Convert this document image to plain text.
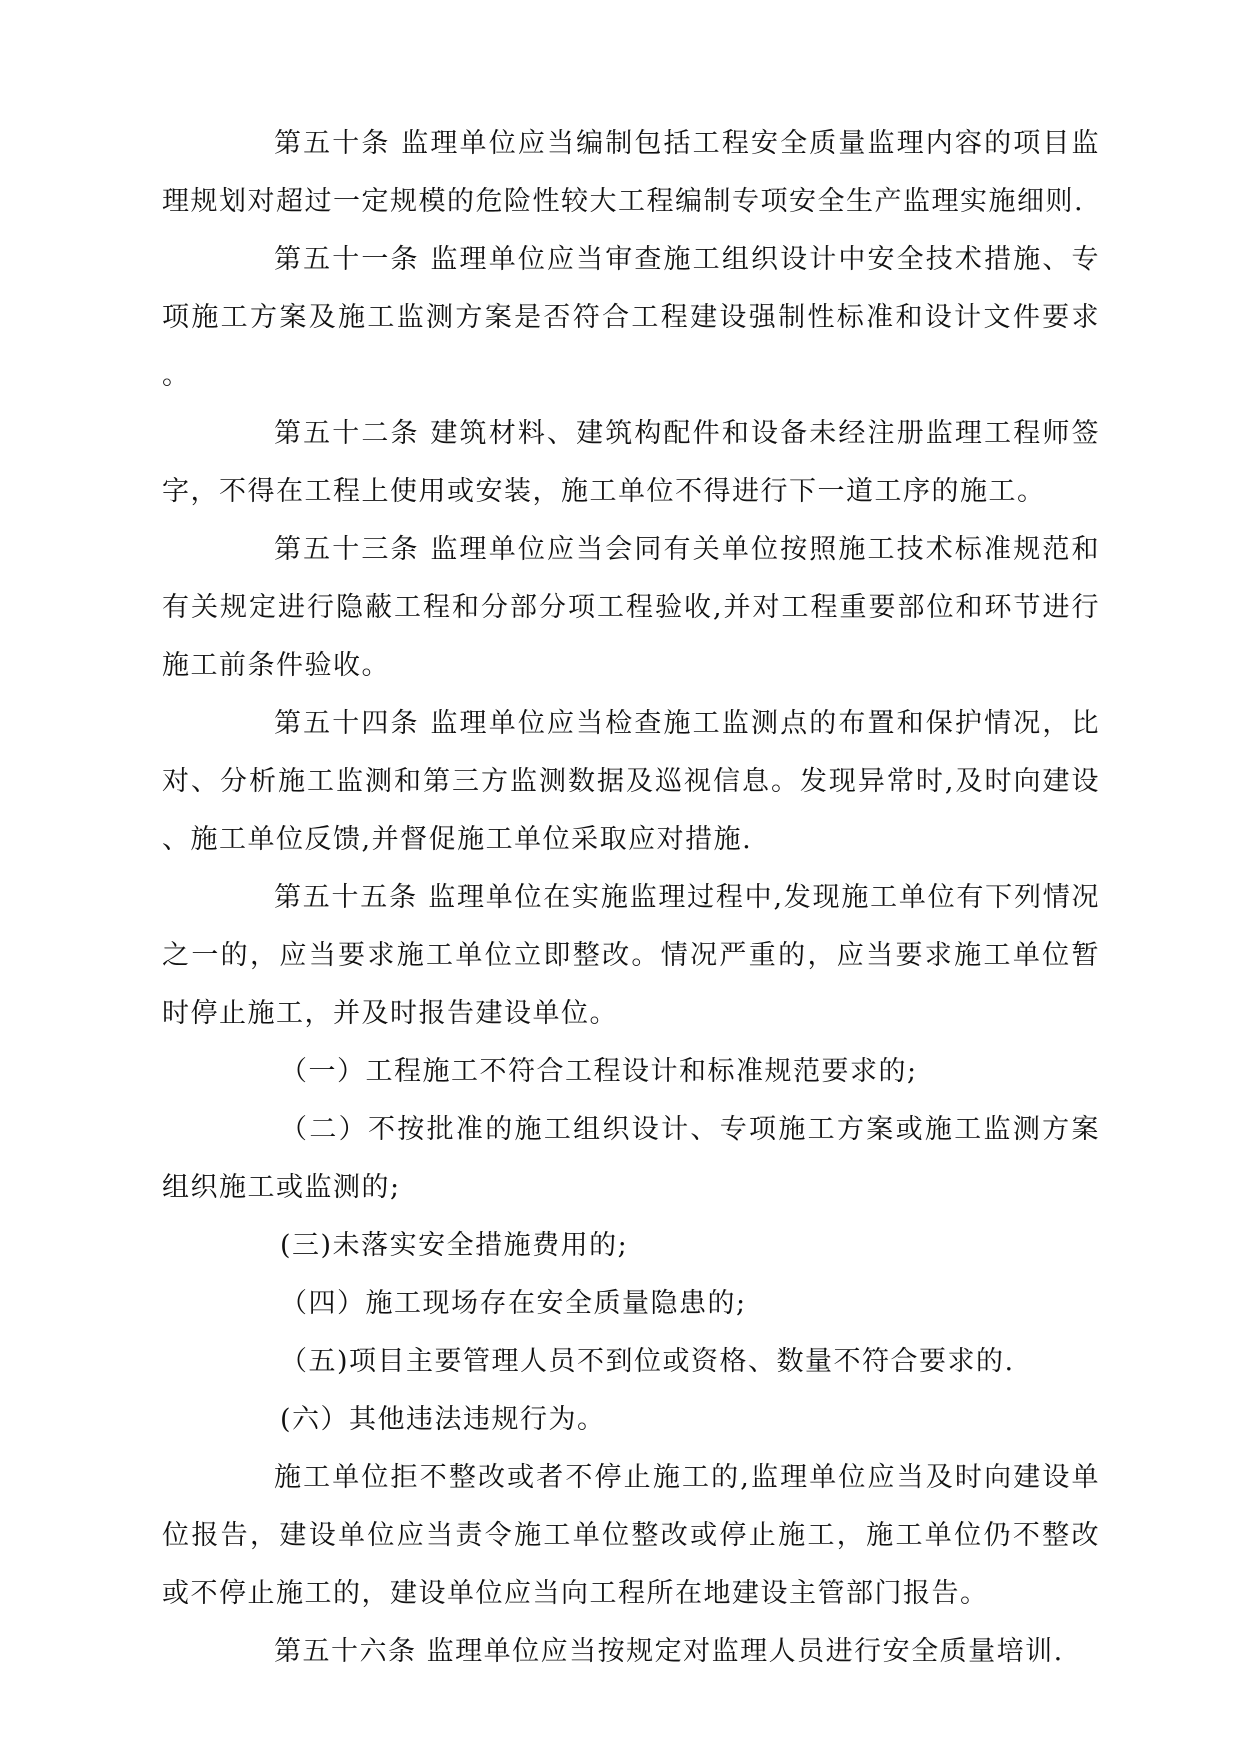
第五十条 监理单位应当编制包括工程安全质量监理内容的项目监理规划对超过一定规模的危险性较大工程编制专项安全生产监理实施细则.

第五十一条 监理单位应当审查施工组织设计中安全技术措施、专项施工方案及施工监测方案是否符合工程建设强制性标准和设计文件要求。

第五十二条 建筑材料、建筑构配件和设备未经注册监理工程师签字，不得在工程上使用或安装，施工单位不得进行下一道工序的施工。

第五十三条 监理单位应当会同有关单位按照施工技术标准规范和有关规定进行隐蔽工程和分部分项工程验收,并对工程重要部位和环节进行施工前条件验收。

第五十四条 监理单位应当检查施工监测点的布置和保护情况，比对、分析施工监测和第三方监测数据及巡视信息。发现异常时,及时向建设、施工单位反馈,并督促施工单位采取应对措施.

第五十五条 监理单位在实施监理过程中,发现施工单位有下列情况之一的，应当要求施工单位立即整改。情况严重的，应当要求施工单位暂时停止施工，并及时报告建设单位。

（一）工程施工不符合工程设计和标准规范要求的;

（二）不按批准的施工组织设计、专项施工方案或施工监测方案组织施工或监测的;

(三)未落实安全措施费用的;

（四）施工现场存在安全质量隐患的;

（五)项目主要管理人员不到位或资格、数量不符合要求的.

(六）其他违法违规行为。

施工单位拒不整改或者不停止施工的,监理单位应当及时向建设单位报告，建设单位应当责令施工单位整改或停止施工，施工单位仍不整改或不停止施工的，建设单位应当向工程所在地建设主管部门报告。

第五十六条 监理单位应当按规定对监理人员进行安全质量培训.
